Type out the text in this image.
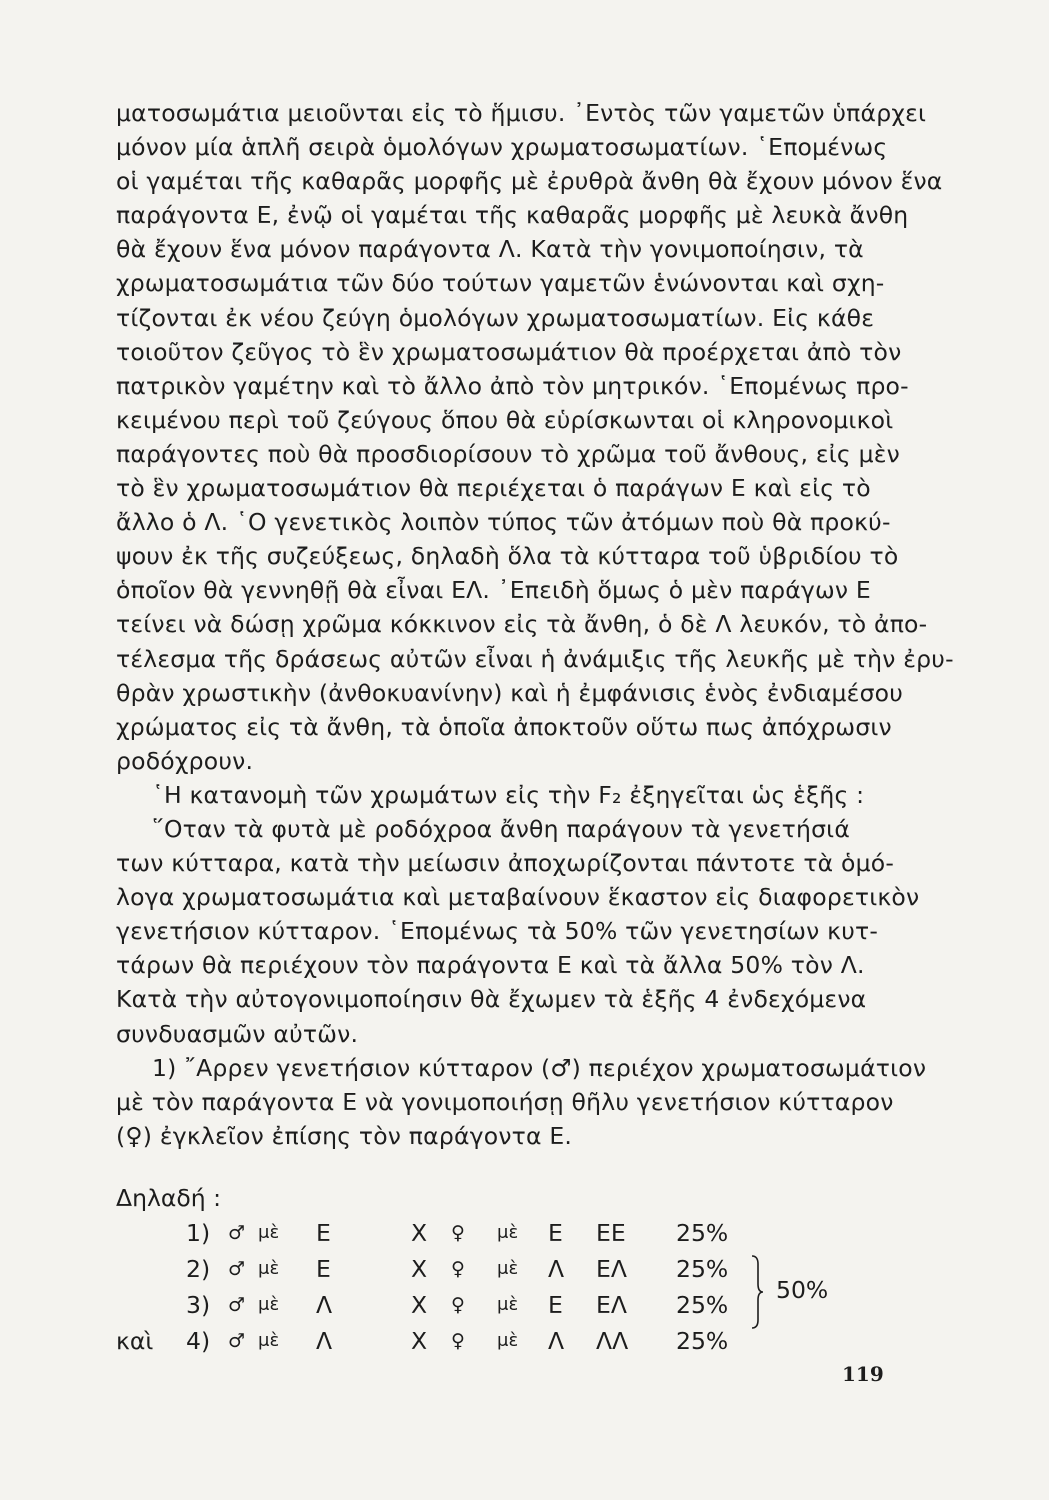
ματοσωμάτια μειοῦνται εἰς τὸ ἥμισυ. ᾽Εντὸς τῶν γαμετῶν ὑπάρχει
μόνον μία ἁπλῆ σειρὰ ὁμολόγων χρωματοσωματίων. ῾Επομένως
οἱ γαμέται τῆς καθαρᾶς μορφῆς μὲ ἐρυθρὰ ἄνθη θὰ ἔχουν μόνον ἕνα
παράγοντα Ε, ἐνῷ οἱ γαμέται τῆς καθαρᾶς μορφῆς μὲ λευκὰ ἄνθη
θὰ ἔχουν ἕνα μόνον παράγοντα Λ. Κατὰ τὴν γονιμοποίησιν, τὰ
χρωματοσωμάτια τῶν δύο τούτων γαμετῶν ἑνώνονται καὶ σχη-
τίζονται ἐκ νέου ζεύγη ὁμολόγων χρωματοσωματίων. Εἰς κάθε
τοιοῦτον ζεῦγος τὸ ἓν χρωματοσωμάτιον θὰ προέρχεται ἀπὸ τὸν
πατρικὸν γαμέτην καὶ τὸ ἄλλο ἀπὸ τὸν μητρικόν. ῾Επομένως προ-
κειμένου περὶ τοῦ ζεύγους ὅπου θὰ εὑρίσκωνται οἱ κληρονομικοὶ
παράγοντες ποὺ θὰ προσδιορίσουν τὸ χρῶμα τοῦ ἄνθους, εἰς μὲν
τὸ ἓν χρωματοσωμάτιον θὰ περιέχεται ὁ παράγων Ε καὶ εἰς τὸ
ἄλλο ὁ Λ. ῾Ο γενετικὸς λοιπὸν τύπος τῶν ἀτόμων ποὺ θὰ προκύ-
ψουν ἐκ τῆς συζεύξεως, δηλαδὴ ὅλα τὰ κύτταρα τοῦ ὑβριδίου τὸ
ὁποῖον θὰ γεννηθῇ θὰ εἶναι ΕΛ. ᾽Επειδὴ ὅμως ὁ μὲν παράγων Ε
τείνει νὰ δώσῃ χρῶμα κόκκινον εἰς τὰ ἄνθη, ὁ δὲ Λ λευκόν, τὸ ἀπο-
τέλεσμα τῆς δράσεως αὐτῶν εἶναι ἡ ἀνάμιξις τῆς λευκῆς μὲ τὴν ἐρυ-
θρὰν χρωστικὴν (ἀνθοκυανίνην) καὶ ἡ ἐμφάνισις ἑνὸς ἐνδιαμέσου
χρώματος εἰς τὰ ἄνθη, τὰ ὁποῖα ἀποκτοῦν οὕτω πως ἀπόχρωσιν
ροδόχρουν.
῾Η κατανομὴ τῶν χρωμάτων εἰς τὴν F₂ ἐξηγεῖται ὡς ἑξῆς :
῞Οταν τὰ φυτὰ μὲ ροδόχροα ἄνθη παράγουν τὰ γενετήσιά
των κύτταρα, κατὰ τὴν μείωσιν ἀποχωρίζονται πάντοτε τὰ ὁμό-
λογα χρωματοσωμάτια καὶ μεταβαίνουν ἕκαστον εἰς διαφορετικὸν
γενετήσιον κύτταρον. ῾Επομένως τὰ 50% τῶν γενετησίων κυτ-
τάρων θὰ περιέχουν τὸν παράγοντα Ε καὶ τὰ ἄλλα 50% τὸν Λ.
Κατὰ τὴν αὐτογονιμοποίησιν θὰ ἔχωμεν τὰ ἑξῆς 4 ἐνδεχόμενα
συνδυασμῶν αὐτῶν.
1) ῎Αρρεν γενετήσιον κύτταρον (♂) περιέχον χρωματοσωμάτιον
μὲ τὸν παράγοντα Ε νὰ γονιμοποιήσῃ θῆλυ γενετήσιον κύτταρον
(♀) ἐγκλεῖον ἐπίσης τὸν παράγοντα Ε.
Δηλαδή :
1) ♂ μὲ Ε	Χ ♀ μὲ Ε ΕΕ 25%
2) ♂ μὲ Ε	Χ ♀ μὲ Λ ΕΛ 25%
3) ♂ μὲ Λ	Χ ♀ μὲ Ε ΕΛ 25%
καὶ 4) ♂ μὲ Λ	Χ ♀ μὲ Λ ΛΛ 25%
50%
119
